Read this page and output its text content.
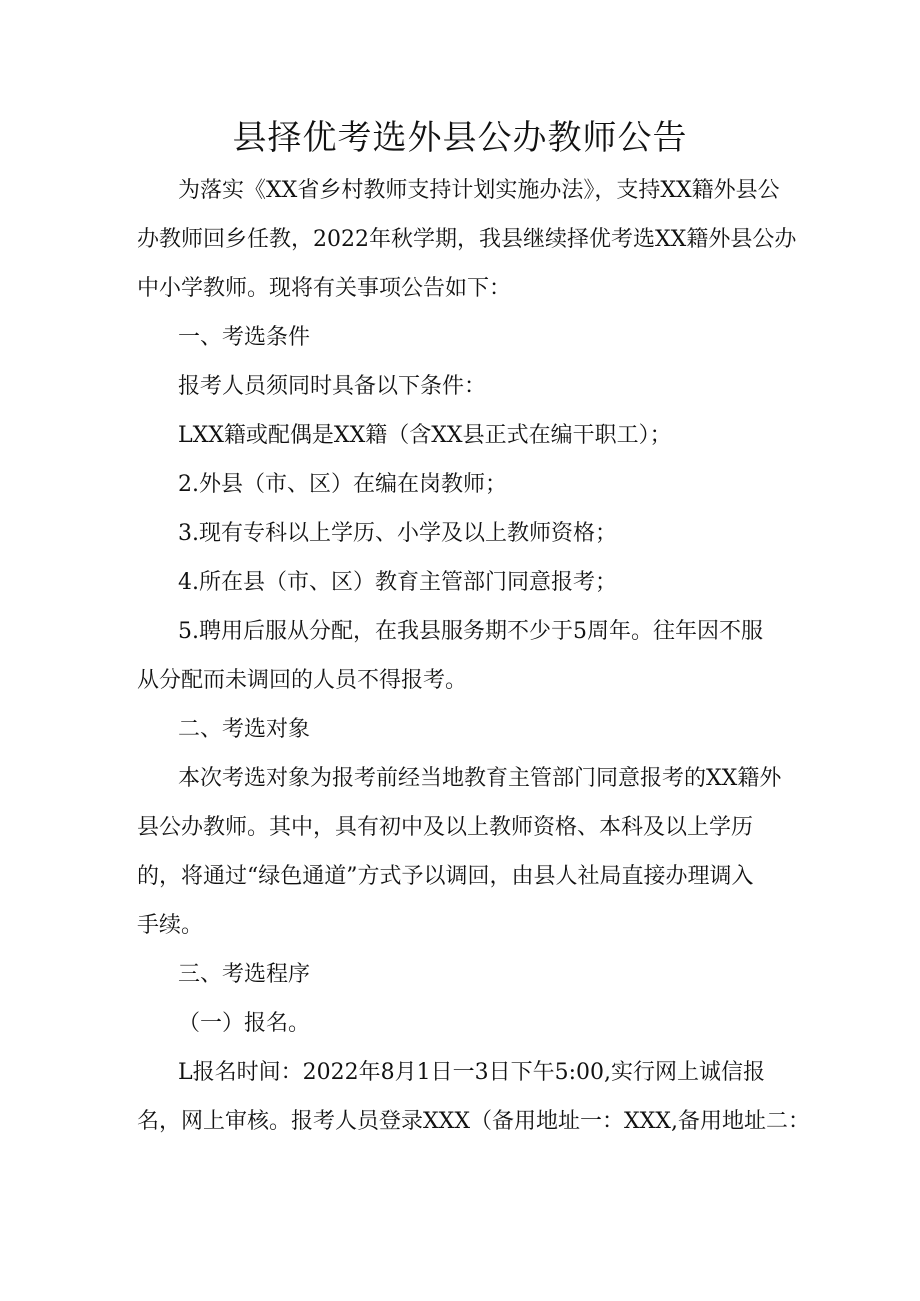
县择优考选外县公办教师公告
为落实《XX省乡村教师支持计划实施办法》，支持XX籍外县公
办教师回乡任教，2022年秋学期，我县继续择优考选XX籍外县公办
中小学教师。现将有关事项公告如下：
一、考选条件
报考人员须同时具备以下条件：
LXX籍或配偶是XX籍（含XX县正式在编干职工）；
2.外县（市、区）在编在岗教师；
3.现有专科以上学历、小学及以上教师资格；
4.所在县（市、区）教育主管部门同意报考；
5.聘用后服从分配，在我县服务期不少于5周年。往年因不服
从分配而未调回的人员不得报考。
二、考选对象
本次考选对象为报考前经当地教育主管部门同意报考的XX籍外
县公办教师。其中，具有初中及以上教师资格、本科及以上学历
的，将通过“绿色通道”方式予以调回，由县人社局直接办理调入
手续。
三、考选程序
（一）报名。
L报名时间：2022年8月1日一3日下午5:00,实行网上诚信报
名，网上审核。报考人员登录XXX（备用地址一：XXX,备用地址二：
